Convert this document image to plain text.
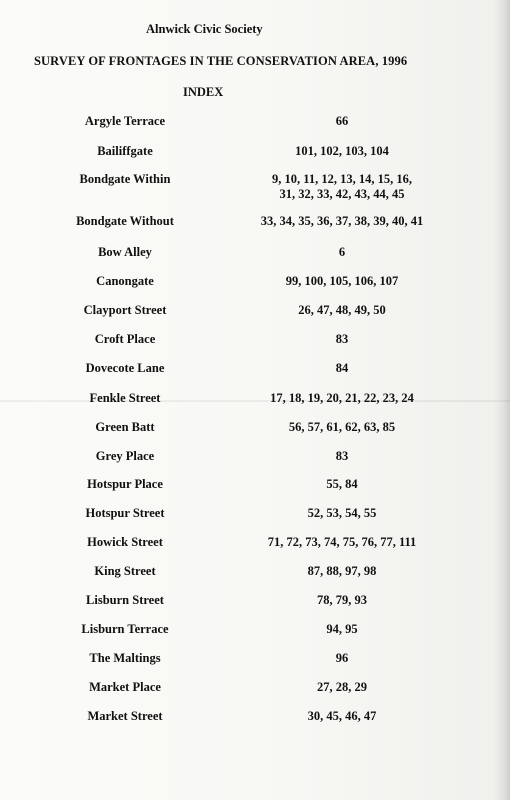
Alnwick Civic Society
SURVEY OF FRONTAGES IN THE CONSERVATION AREA, 1996
INDEX
Argyle Terrace	66
Bailiffgate	101, 102, 103, 104
Bondgate Within	9, 10, 11, 12, 13, 14, 15, 16,
31, 32, 33, 42, 43, 44, 45
Bondgate Without	33, 34, 35, 36, 37, 38, 39, 40, 41
Bow Alley	6
Canongate	99, 100, 105, 106, 107
Clayport Street	26, 47, 48, 49, 50
Croft Place	83
Dovecote Lane	84
Fenkle Street	17, 18, 19, 20, 21, 22, 23, 24
Green Batt	56, 57, 61, 62, 63, 85
Grey Place	83
Hotspur Place	55, 84
Hotspur Street	52, 53, 54, 55
Howick Street	71, 72, 73, 74, 75, 76, 77, 111
King Street	87, 88, 97, 98
Lisburn Street	78, 79, 93
Lisburn Terrace	94, 95
The Maltings	96
Market Place	27, 28, 29
Market Street	30, 45, 46, 47
